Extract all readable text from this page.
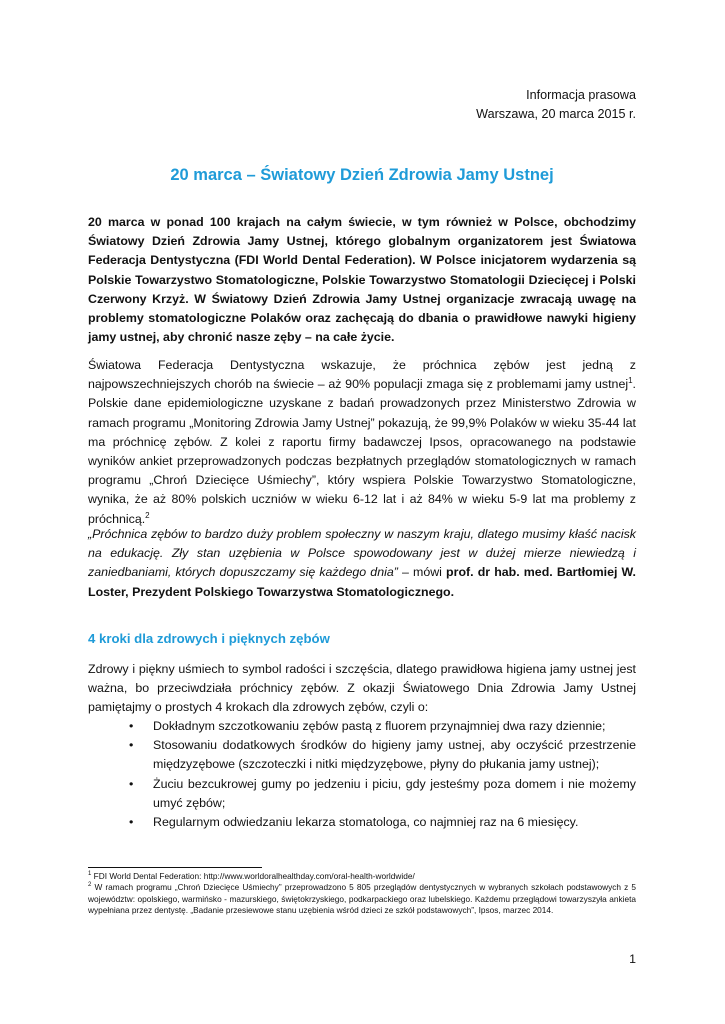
Informacja prasowa
Warszawa, 20 marca 2015 r.
20 marca – Światowy Dzień Zdrowia Jamy Ustnej

20 marca w ponad 100 krajach na całym świecie, w tym również w Polsce, obchodzimy Światowy Dzień Zdrowia Jamy Ustnej, którego globalnym organizatorem jest Światowa Federacja Dentystyczna (FDI World Dental Federation). W Polsce inicjatorem wydarzenia są Polskie Towarzystwo Stomatologiczne, Polskie Towarzystwo Stomatologii Dziecięcej i Polski Czerwony Krzyż. W Światowy Dzień Zdrowia Jamy Ustnej organizacje zwracają uwagę na problemy stomatologiczne Polaków oraz zachęcają do dbania o prawidłowe nawyki higieny jamy ustnej, aby chronić nasze zęby – na całe życie.

Światowa Federacja Dentystyczna wskazuje, że próchnica zębów jest jedną z najpowszechniejszych chorób na świecie – aż 90% populacji zmaga się z problemami jamy ustnej$^1$. Polskie dane epidemiologiczne uzyskane z badań prowadzonych przez Ministerstwo Zdrowia w ramach programu „Monitoring Zdrowia Jamy Ustnej” pokazują, że 99,9% Polaków w wieku 35-44 lat ma próchnicę zębów. Z kolei z raportu firmy badawczej Ipsos, opracowanego na podstawie wyników ankiet przeprowadzonych podczas bezpłatnych przeglądów stomatologicznych w ramach programu „Chroń Dziecięce Uśmiechy”, który wspiera Polskie Towarzystwo Stomatologiczne, wynika, że aż 80% polskich uczniów w wieku 6-12 lat i aż 84% w wieku 5-9 lat ma problemy z próchnicą.$^2$

„Próchnica zębów to bardzo duży problem społeczny w naszym kraju, dlatego musimy kłaść nacisk na edukację. Zły stan uzębienia w Polsce spowodowany jest w dużej mierze niewiedzą i zaniedbaniami, których dopuszczamy się każdego dnia” – mówi prof. dr hab. med. Bartłomiej W. Loster, Prezydent Polskiego Towarzystwa Stomatologicznego.

4 kroki dla zdrowych i pięknych zębów

Zdrowy i piękny uśmiech to symbol radości i szczęścia, dlatego prawidłowa higiena jamy ustnej jest ważna, bo przeciwdziała próchnicy zębów. Z okazji Światowego Dnia Zdrowia Jamy Ustnej pamiętajmy o prostych 4 krokach dla zdrowych zębów, czyli o:

• Dokładnym szczotkowaniu zębów pastą z fluorem przynajmniej dwa razy dziennie;
• Stosowaniu dodatkowych środków do higieny jamy ustnej, aby oczyścić przestrzenie międzyzębowe (szczoteczki i nitki międzyzębowe, płyny do płukania jamy ustnej);
• Żuciu bezcukrowej gumy po jedzeniu i piciu, gdy jesteśmy poza domem i nie możemy umyć zębów;
• Regularnym odwiedzaniu lekarza stomatologa, co najmniej raz na 6 miesięcy.

$^1$ FDI World Dental Federation: http://www.worldoralhealthday.com/oral-health-worldwide/

$^2$ W ramach programu „Chroń Dziecięce Uśmiechy” przeprowadzono 5 805 przeglądów dentystycznych w wybranych szkołach podstawowych z 5 województw: opolskiego, warmińsko - mazurskiego, świętokrzyskiego, podkarpackiego oraz lubelskiego. Każdemu przeglądowi towarzyszyła ankieta wypełniana przez dentystę. „Badanie przesiewowe stanu uzębienia wśród dzieci ze szkół podstawowych”, Ipsos, marzec 2014.

1
